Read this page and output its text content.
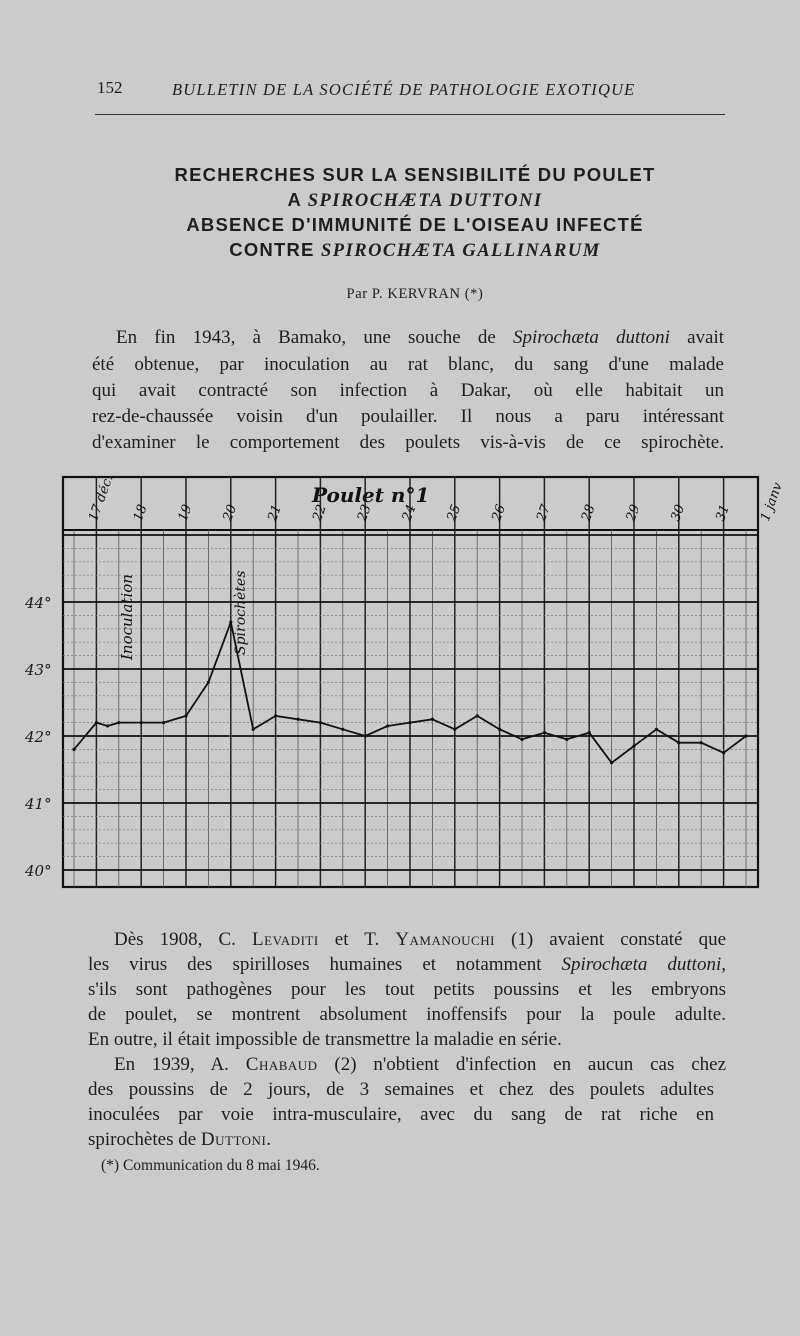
152	BULLETIN DE LA SOCIÉTÉ DE PATHOLOGIE EXOTIQUE
RECHERCHES SUR LA SENSIBILITÉ DU POULET
A SPIROCHÆTA DUTTONI
ABSENCE D'IMMUNITÉ DE L'OISEAU INFECTÉ
CONTRE SPIROCHÆTA GALLINARUM
Par P. KERVRAN (*)
En fin 1943, à Bamako, une souche de Spirochæta duttoni avait
été obtenue, par inoculation au rat blanc, du sang d'une malade
qui avait contracté son infection à Dakar, où elle habitait un
rez-de-chaussée voisin d'un poulailler. Il nous a paru intéressant
d'examiner le comportement des poulets vis-à-vis de ce spirochète.
44°
43°
42°
41°
40°
Poulet n°1
17 déc. 18 19 20 21 22 23 24 25 26 27 28 29 30 31 1 janv
Inoculation	Spirochètes
Dès 1908, C. Levaditi et T. Yamanouchi (1) avaient constaté que
les virus des spirilloses humaines et notamment Spirochæta duttoni,
s'ils sont pathogènes pour les tout petits poussins et les embryons
de poulet, se montrent absolument inoffensifs pour la poule adulte.
En outre, il était impossible de transmettre la maladie en série.
En 1939, A. Chabaud (2) n'obtient d'infection en aucun cas chez
des poussins de 2 jours, de 3 semaines et chez des poulets adultes
inoculées par voie intra-musculaire, avec du sang de rat riche en
spirochètes de Duttoni.
(*) Communication du 8 mai 1946.
